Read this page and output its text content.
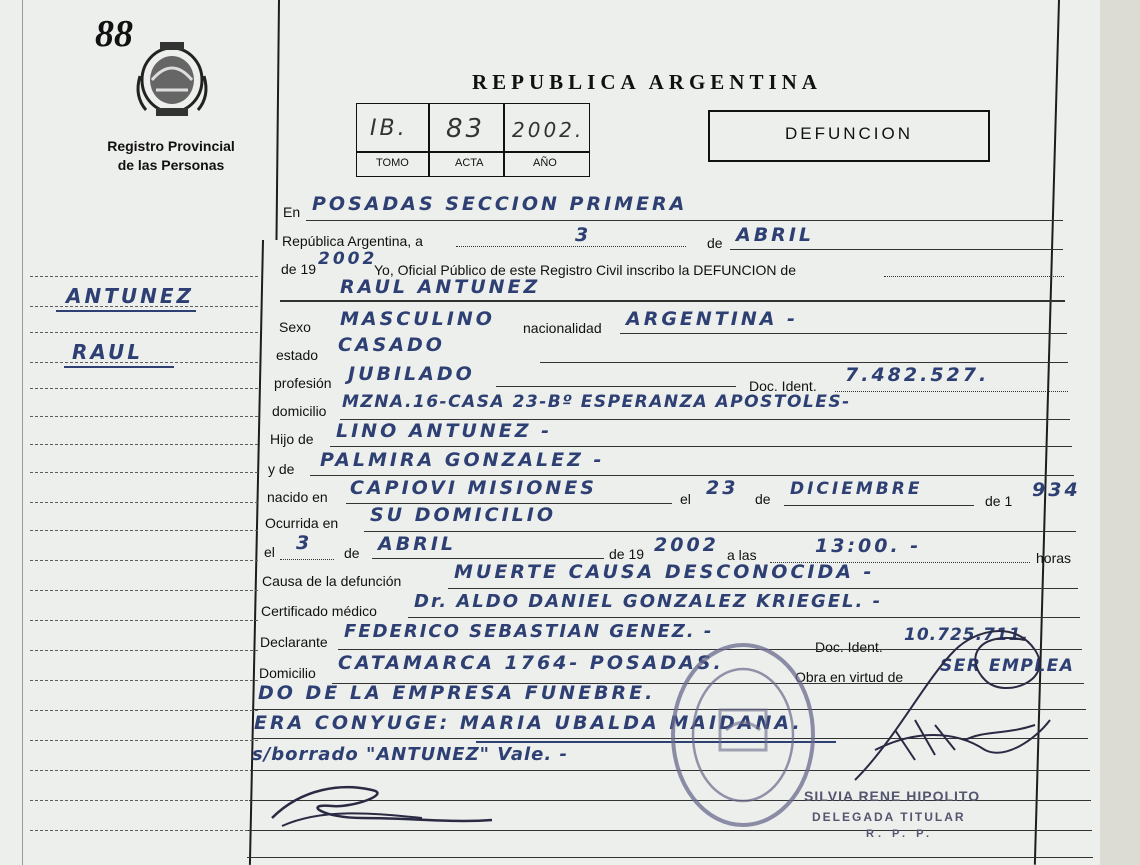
88
Registro Provincial
de las Personas
ANTUNEZ
RAUL
REPUBLICA ARGENTINA
IB. 83 2002.
TOMO	ACTA	AÑO
DEFUNCION
En POSADAS SECCION PRIMERA
República Argentina, a	3	de ABRIL
de 19 2002
Yo, Oficial Público de este Registro Civil inscribo la DEFUNCION de
RAUL ANTUNEZ
Sexo MASCULINO nacionalidad ARGENTINA -
estado CASADO
profesión JUBILADO
Doc. Ident. 7.482.527.
domicilio MZNA.16-CASA 23-Bº ESPERANZA APOSTOLES-
Hijo de LINO ANTUNEZ -
y de PALMIRA GONZALEZ -
nacido en CAPIOVI MISIONES	el 23 de DICIEMBRE
de 1 934
Ocurrida en SU DOMICILIO
el 3 de ABRIL	de 19 2002 a las	13:00. -
horas
Causa de la defunción	MUERTE CAUSA DESCONOCIDA -
Certificado médico Dr. ALDO DANIEL GONZALEZ KRIEGEL. -
Declarante FEDERICO SEBASTIAN GENEZ. -
Doc. Ident.
10.725.711.
Domicilio CATAMARCA 1764- POSADAS.
Obra en virtud de
SER EMPLEA
DO DE LA EMPRESA FUNEBRE.
ERA CONYUGE: MARIA UBALDA MAIDANA.
s/borrado "ANTUNEZ" Vale. -
SILVIA RENE HIPOLITO
DELEGADA TITULAR
R. P. P.
